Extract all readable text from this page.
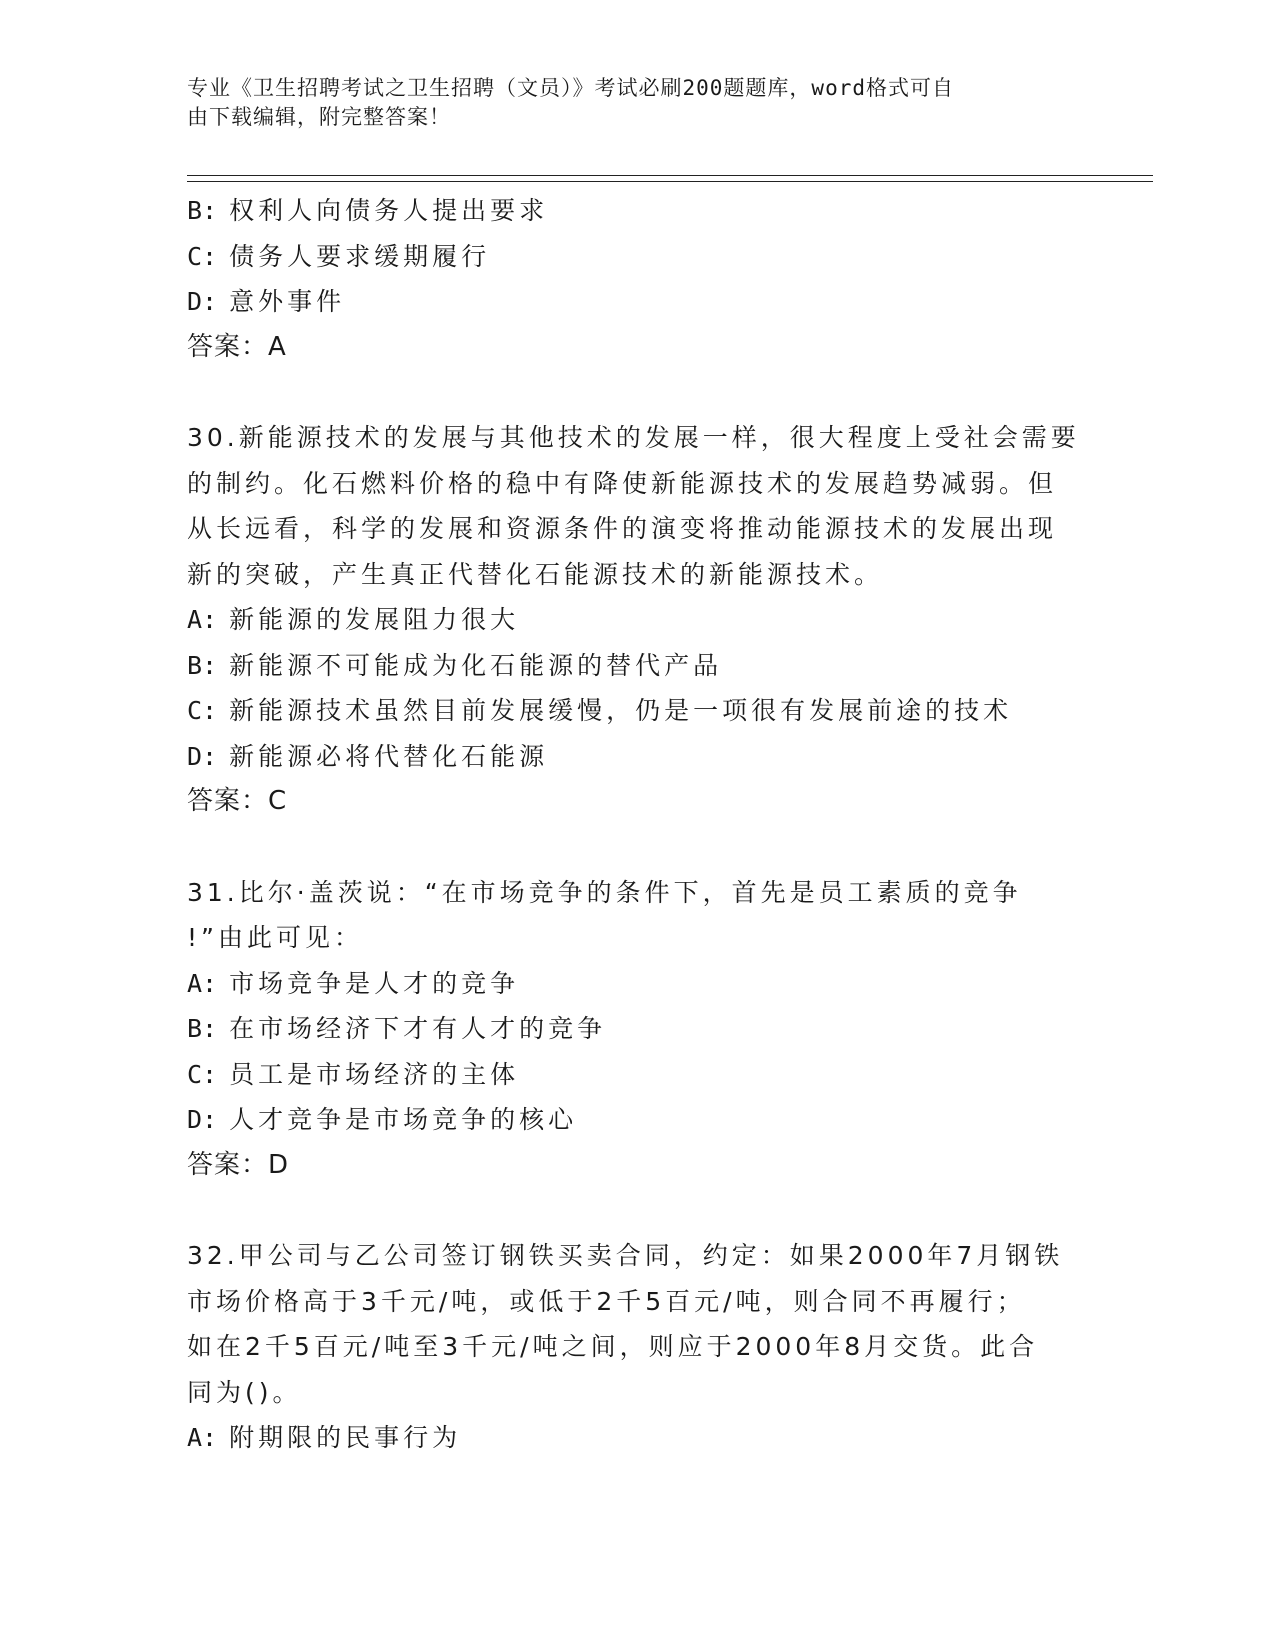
专业《卫生招聘考试之卫生招聘（文员）》考试必刷200题题库，word格式可自
由下载编辑，附完整答案！
B: 权利人向债务人提出要求
C: 债务人要求缓期履行
D: 意外事件
答案：A
30.新能源技术的发展与其他技术的发展一样，很大程度上受社会需要
的制约。化石燃料价格的稳中有降使新能源技术的发展趋势减弱。但
从长远看，科学的发展和资源条件的演变将推动能源技术的发展出现
新的突破，产生真正代替化石能源技术的新能源技术。
A: 新能源的发展阻力很大
B: 新能源不可能成为化石能源的替代产品
C: 新能源技术虽然目前发展缓慢，仍是一项很有发展前途的技术
D: 新能源必将代替化石能源
答案：C
31.比尔·盖茨说：“在市场竞争的条件下，首先是员工素质的竞争
!”由此可见：
A: 市场竞争是人才的竞争
B: 在市场经济下才有人才的竞争
C: 员工是市场经济的主体
D: 人才竞争是市场竞争的核心
答案：D
32.甲公司与乙公司签订钢铁买卖合同，约定：如果2000年7月钢铁
市场价格高于3千元/吨，或低于2千5百元/吨，则合同不再履行；
如在2千5百元/吨至3千元/吨之间，则应于2000年8月交货。此合
同为()。
A: 附期限的民事行为
